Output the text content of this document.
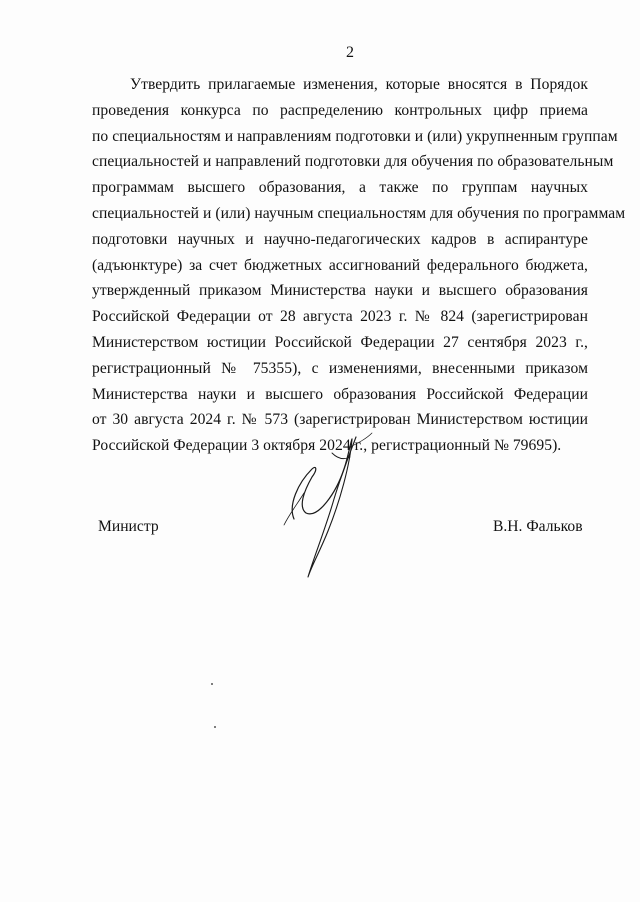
2
Утвердить прилагаемые изменения, которые вносятся в Порядок
проведения конкурса по распределению контрольных цифр приема
по специальностям и направлениям подготовки и (или) укрупненным группам
специальностей и направлений подготовки для обучения по образовательным
программам высшего образования, а также по группам научных
специальностей и (или) научным специальностям для обучения по программам
подготовки научных и научно-педагогических кадров в аспирантуре
(адъюнктуре) за счет бюджетных ассигнований федерального бюджета,
утвержденный приказом Министерства науки и высшего образования
Российской Федерации от 28 августа 2023 г. № 824 (зарегистрирован
Министерством юстиции Российской Федерации 27 сентября 2023 г.,
регистрационный № 75355), с изменениями, внесенными приказом
Министерства науки и высшего образования Российской Федерации
от 30 августа 2024 г. № 573 (зарегистрирован Министерством юстиции
Российской Федерации 3 октября 2024 г., регистрационный № 79695).
Министр	В.Н. Фальков
